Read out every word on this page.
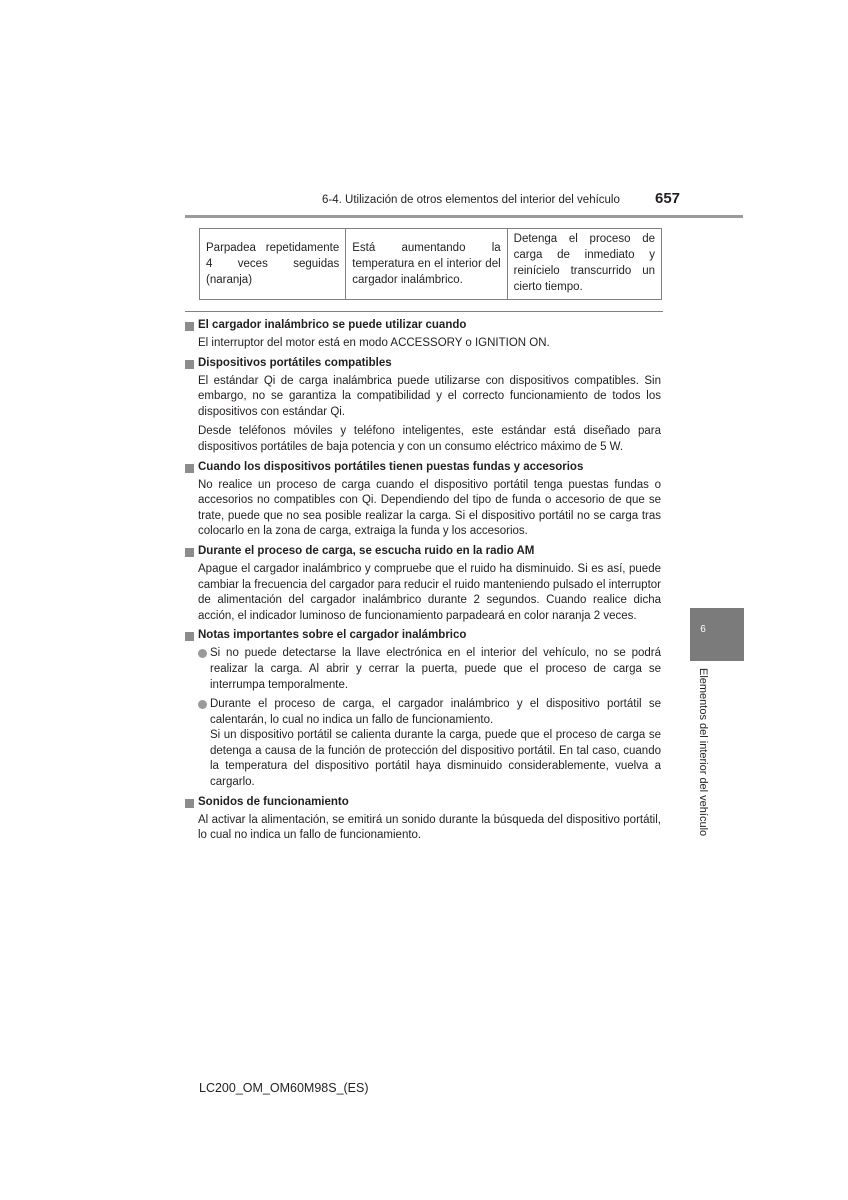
6-4. Utilización de otros elementos del interior del vehículo 657
Parpadea repetidamente 4 veces seguidas (naranja)	Está aumentando la temperatura en el interior del cargador inalámbrico.	Detenga el proceso de carga de inmediato y reinícielo transcurrido un cierto tiempo.

El cargador inalámbrico se puede utilizar cuando

El interruptor del motor está en modo ACCESSORY o IGNITION ON.

Dispositivos portátiles compatibles

El estándar Qi de carga inalámbrica puede utilizarse con dispositivos compatibles. Sin embargo, no se garantiza la compatibilidad y el correcto funcionamiento de todos los dispositivos con estándar Qi.

Desde teléfonos móviles y teléfono inteligentes, este estándar está diseñado para dispositivos portátiles de baja potencia y con un consumo eléctrico máximo de 5 W.

Cuando los dispositivos portátiles tienen puestas fundas y accesorios

No realice un proceso de carga cuando el dispositivo portátil tenga puestas fundas o accesorios no compatibles con Qi. Dependiendo del tipo de funda o accesorio de que se trate, puede que no sea posible realizar la carga. Si el dispositivo portátil no se carga tras colocarlo en la zona de carga, extraiga la funda y los accesorios.

Durante el proceso de carga, se escucha ruido en la radio AM

Apague el cargador inalámbrico y compruebe que el ruido ha disminuido. Si es así, puede cambiar la frecuencia del cargador para reducir el ruido manteniendo pulsado el interruptor de alimentación del cargador inalámbrico durante 2 segundos. Cuando realice dicha acción, el indicador luminoso de funcionamiento parpadeará en color naranja 2 veces.

Notas importantes sobre el cargador inalámbrico

Si no puede detectarse la llave electrónica en el interior del vehículo, no se podrá realizar la carga. Al abrir y cerrar la puerta, puede que el proceso de carga se interrumpa temporalmente.

Durante el proceso de carga, el cargador inalámbrico y el dispositivo portátil se calentarán, lo cual no indica un fallo de funcionamiento.

Si un dispositivo portátil se calienta durante la carga, puede que el proceso de carga se detenga a causa de la función de protección del dispositivo portátil. En tal caso, cuando la temperatura del dispositivo portátil haya disminuido considerablemente, vuelva a cargarlo.

Sonidos de funcionamiento

Al activar la alimentación, se emitirá un sonido durante la búsqueda del dispositivo portátil, lo cual no indica un fallo de funcionamiento.

6
Elementos del interior del vehículo
LC200_OM_OM60M98S_(ES)
